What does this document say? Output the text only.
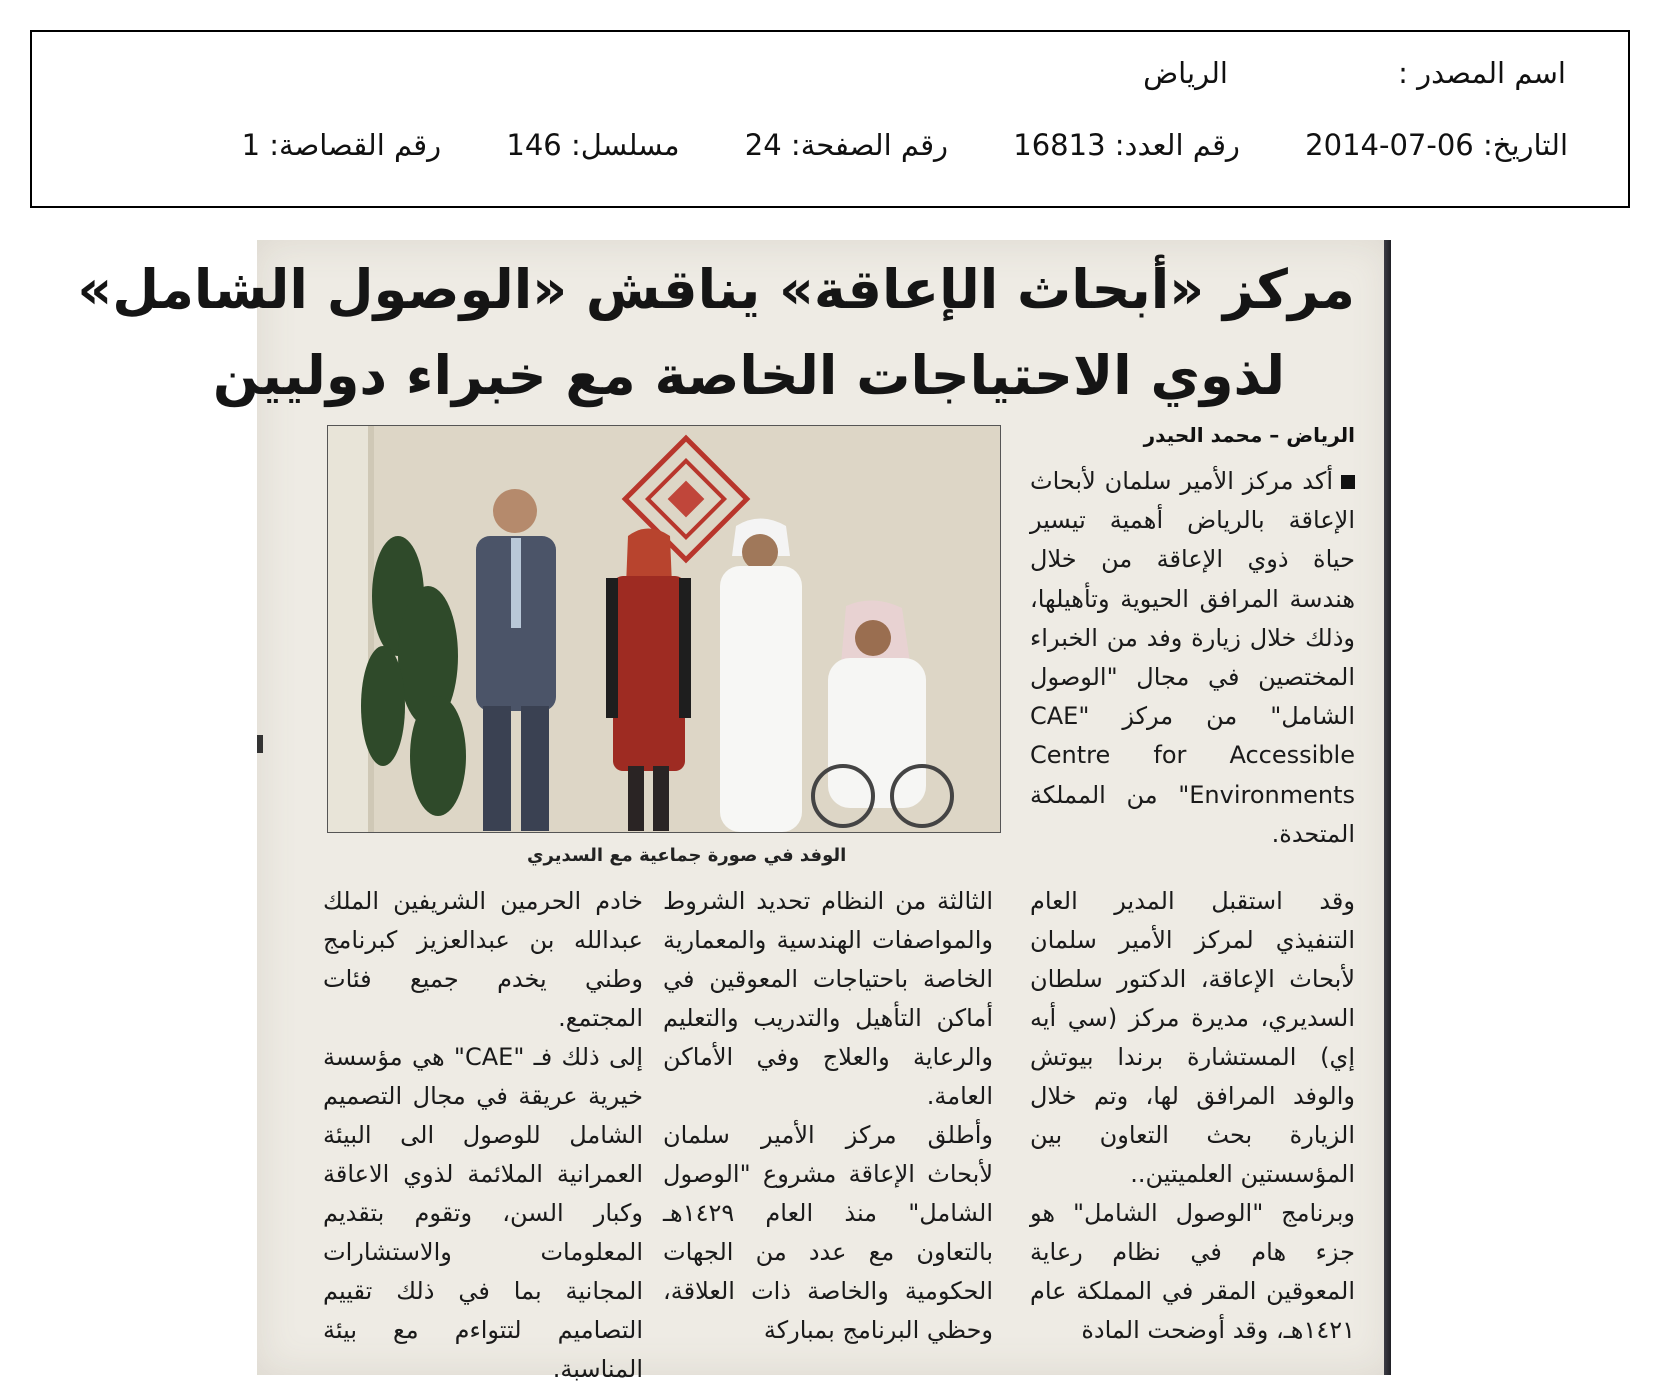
اسم المصدر :
الرياض
التاريخ: 06-07-2014 رقم العدد: 16813 رقم الصفحة: 24 مسلسل: 146 رقم القصاصة: 1
مركز «أبحاث الإعاقة» يناقش «الوصول الشامل»
لذوي الاحتياجات الخاصة مع خبراء دوليين
الوفد في صورة جماعية مع السديري
الرياض – محمد الحيدر

أكد مركز الأمير سلمان لأبحاث الإعاقة بالرياض أهمية تيسير حياة ذوي الإعاقة من خلال هندسة المرافق الحيوية وتأهيلها، وذلك خلال زيارة وفد من الخبراء المختصين في مجال "الوصول الشامل" من مركز CAE" Centre for Accessible Environments" من المملكة المتحدة.

وقد استقبل المدير العام التنفيذي لمركز الأمير سلمان لأبحاث الإعاقة، الدكتور سلطان السديري، مديرة مركز (سي أيه إي) المستشارة برندا بيوتش والوفد المرافق لها، وتم خلال الزيارة بحث التعاون بين المؤسستين العلميتين..

وبرنامج "الوصول الشامل" هو جزء هام في نظام رعاية المعوقين المقر في المملكة عام ١٤٢١هـ، وقد أوضحت المادة

الثالثة من النظام تحديد الشروط والمواصفات الهندسية والمعمارية الخاصة باحتياجات المعوقين في أماكن التأهيل والتدريب والتعليم والرعاية والعلاج وفي الأماكن العامة.

وأطلق مركز الأمير سلمان لأبحاث الإعاقة مشروع "الوصول الشامل" منذ العام ١٤٢٩هـ بالتعاون مع عدد من الجهات الحكومية والخاصة ذات العلاقة، وحظي البرنامج بمباركة

خادم الحرمين الشريفين الملك عبدالله بن عبدالعزيز كبرنامج وطني يخدم جميع فئات المجتمع.

إلى ذلك فـ "CAE" هي مؤسسة خيرية عريقة في مجال التصميم الشامل للوصول الى البيئة العمرانية الملائمة لذوي الاعاقة وكبار السن، وتقوم بتقديم المعلومات والاستشارات المجانية بما في ذلك تقييم التصاميم لتتواءم مع بيئة المناسبة.
